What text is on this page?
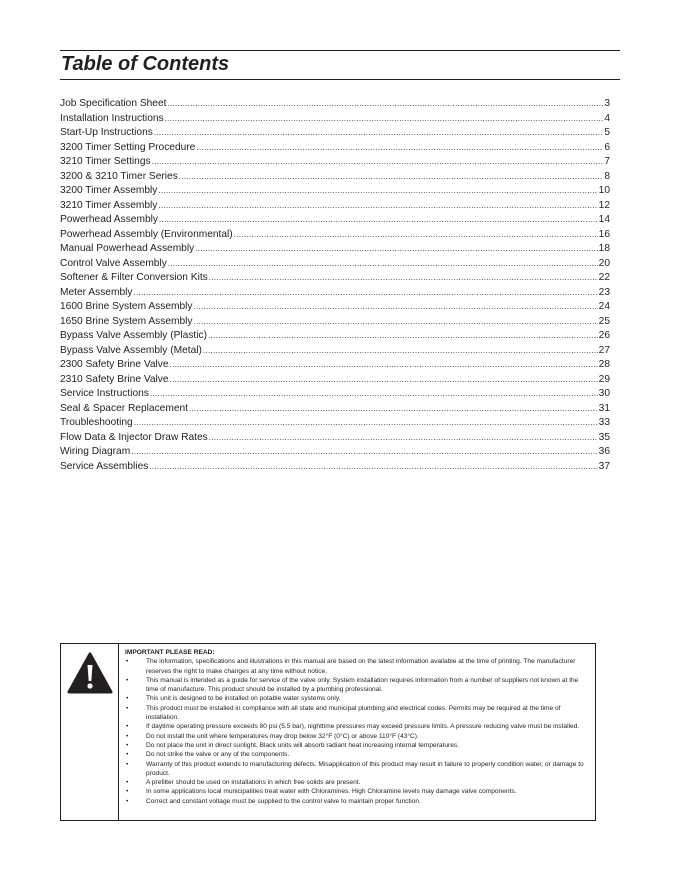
Table of Contents
Job Specification Sheet .....	3
Installation Instructions .....	4
Start-Up Instructions .....	5
3200 Timer Setting Procedure .....	6
3210 Timer Settings .....	7
3200 & 3210 Timer Series .....	8
3200 Timer Assembly .....	10
3210 Timer Assembly .....	12
Powerhead Assembly .....	14
Powerhead Assembly (Environmental) .....	16
Manual Powerhead Assembly .....	18
Control Valve Assembly .....	20
Softener & Filter Conversion Kits .....	22
Meter Assembly .....	23
1600 Brine System Assembly .....	24
1650 Brine System Assembly .....	25
Bypass Valve Assembly (Plastic) .....	26
Bypass Valve Assembly (Metal) .....	27
2300 Safety Brine Valve .....	28
2310 Safety Brine Valve .....	29
Service Instructions .....	30
Seal & Spacer Replacement .....	31
Troubleshooting .....	33
Flow Data & Injector Draw Rates .....	35
Wiring Diagram .....	36
Service Assemblies .....	37
IMPORTANT PLEASE READ:
• The information, specifications and illustrations in this manual are based on the latest information available at the time of printing. The manufacturer reserves the right to make changes at any time without notice.
• This manual is intended as a guide for service of the valve only. System installation requires information from a number of suppliers not known at the time of manufacture. This product should be installed by a plumbing professional.
• This unit is designed to be installed on potable water systems only.
• This product must be installed in compliance with all state and municipal plumbing and electrical codes. Permits may be required at the time of installation.
• If daytime operating pressure exceeds 80 psi (5.5 bar), nighttime pressures may exceed pressure limits. A pressure reducing valve must be installed.
• Do not install the unit where temperatures may drop below 32°F (0°C) or above 110°F (43°C).
• Do not place the unit in direct sunlight. Black units will absorb radiant heat increasing internal temperatures.
• Do not strike the valve or any of the components.
• Warranty of this product extends to manufacturing defects. Misapplication of this product may result in failure to properly condition water, or damage to product.
• A prefilter should be used on installations in which free solids are present.
• In some applications local municipalities treat water with Chloramines. High Chloramine levels may damage valve components.
• Correct and constant voltage must be supplied to the control valve to maintain proper function.
